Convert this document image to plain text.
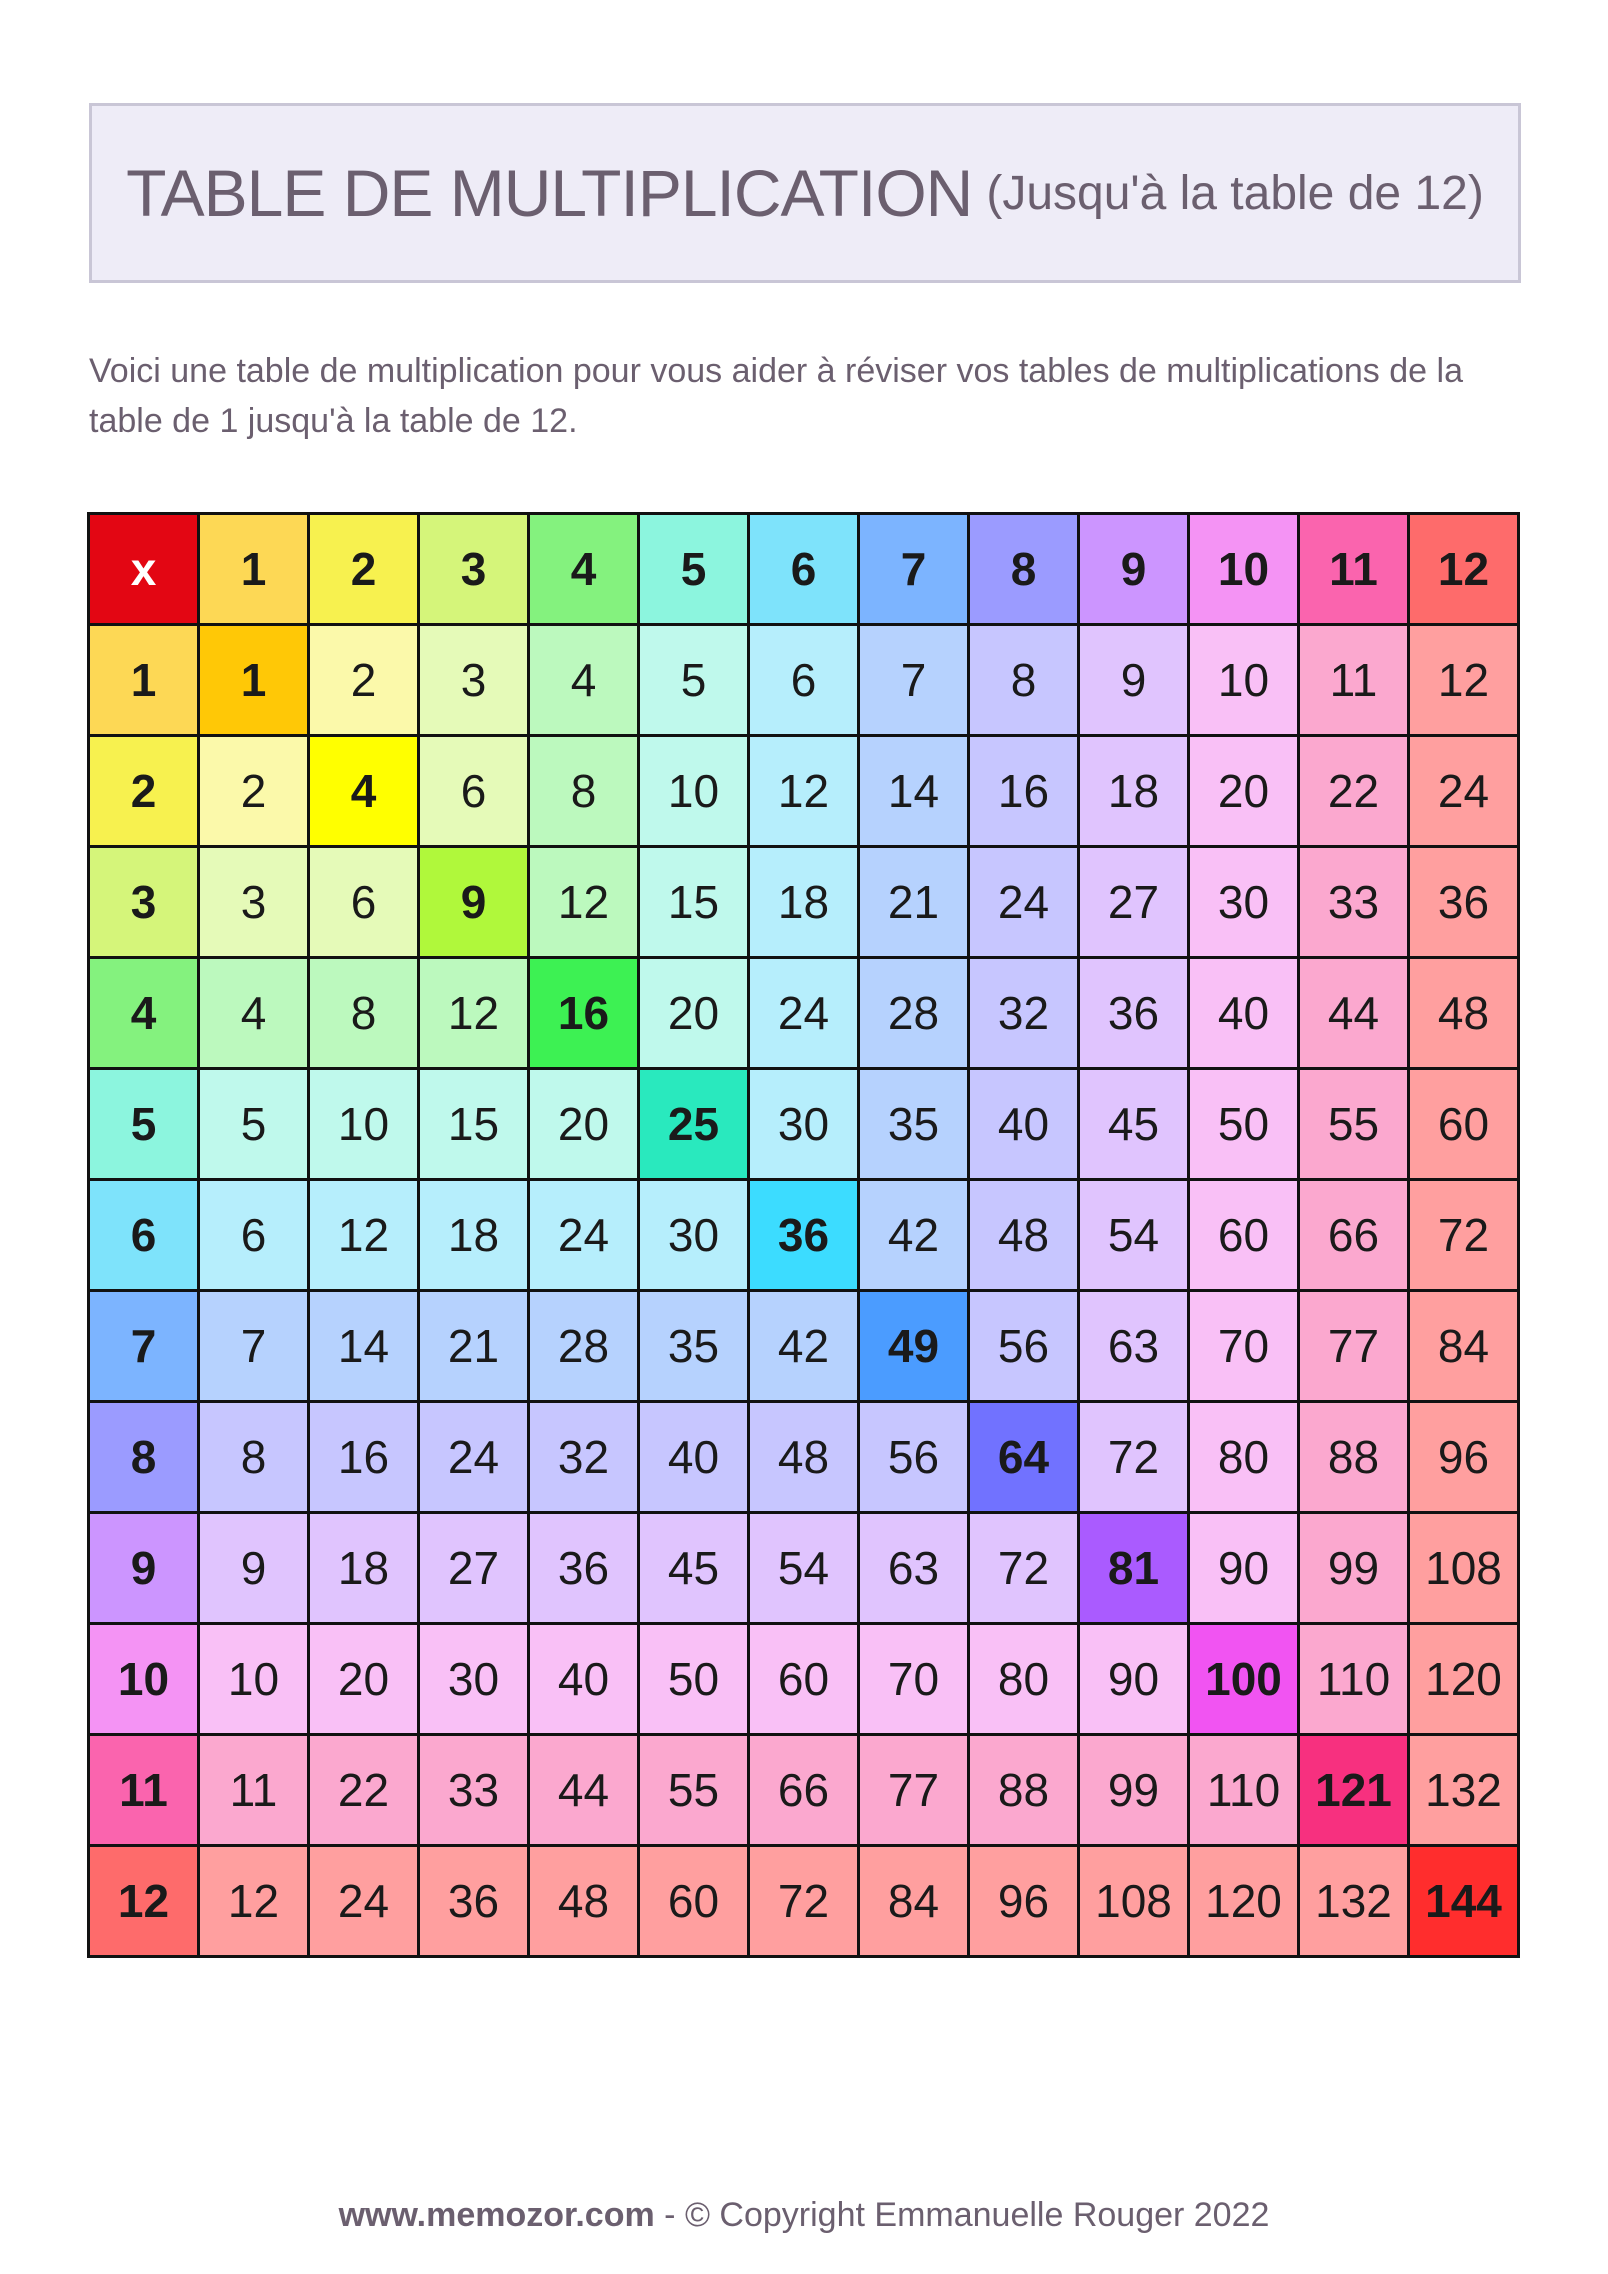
TABLE DE MULTIPLICATION (Jusqu'à la table de 12)
Voici une table de multiplication pour vous aider à réviser vos tables de multiplications de la
table de 1 jusqu'à la table de 12.
x	1	2	3	4	5	6	7	8	9	10	11	12
1	1	2	3	4	5	6	7	8	9	10	11	12
2	2	4	6	8	10	12	14	16	18	20	22	24
3	3	6	9	12	15	18	21	24	27	30	33	36
4	4	8	12	16	20	24	28	32	36	40	44	48
5	5	10	15	20	25	30	35	40	45	50	55	60
6	6	12	18	24	30	36	42	48	54	60	66	72
7	7	14	21	28	35	42	49	56	63	70	77	84
8	8	16	24	32	40	48	56	64	72	80	88	96
9	9	18	27	36	45	54	63	72	81	90	99	108
10	10	20	30	40	50	60	70	80	90	100	110	120
11	11	22	33	44	55	66	77	88	99	110	121	132
12	12	24	36	48	60	72	84	96	108	120	132	144
www.memozor.com - © Copyright Emmanuelle Rouger 2022
